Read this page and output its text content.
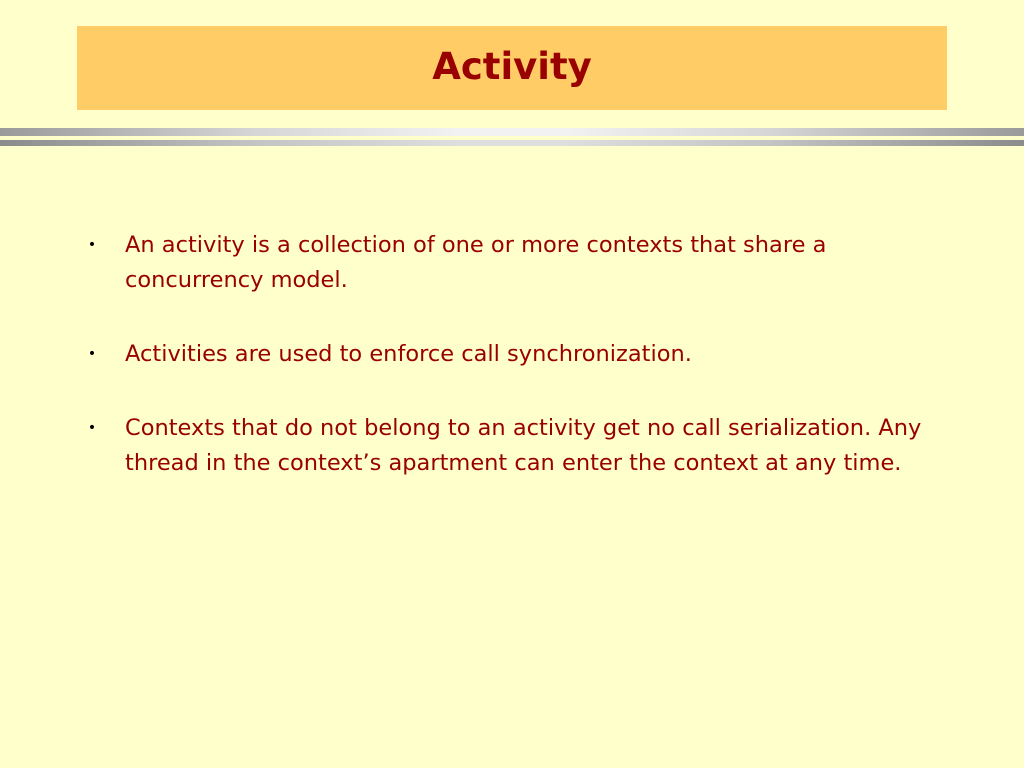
Activity
• An activity is a collection of one or more contexts that share a concurrency model.
• Activities are used to enforce call synchronization.
• Contexts that do not belong to an activity get no call serialization. Any thread in the context’s apartment can enter the context at any time.
